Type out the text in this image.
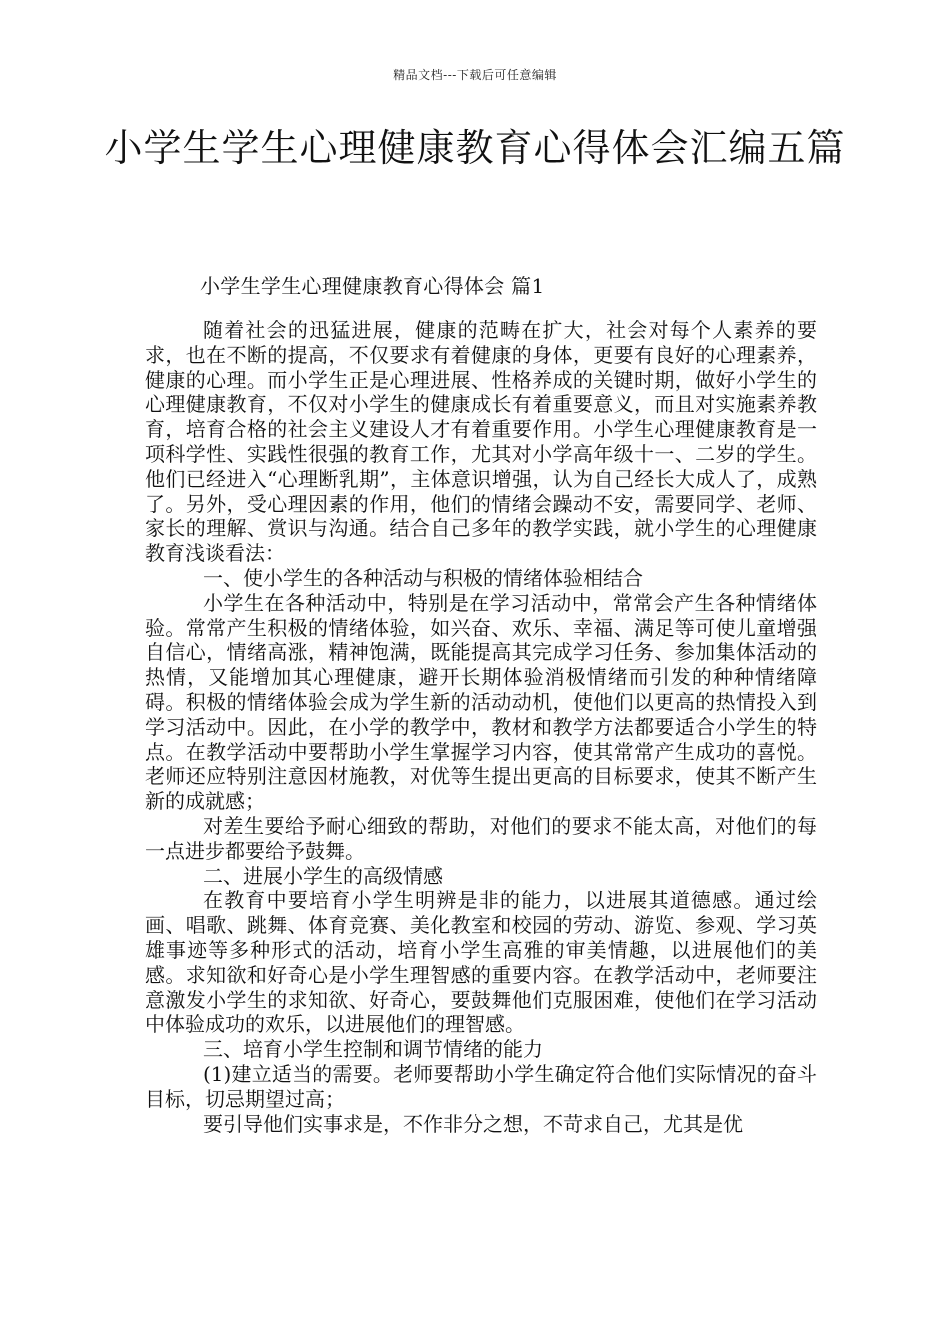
精品文档---下载后可任意编辑
小学生学生心理健康教育心得体会汇编五篇
小学生学生心理健康教育心得体会 篇1

随着社会的迅猛进展，健康的范畴在扩大，社会对每个人素养的要求，也在不断的提高，不仅要求有着健康的身体，更要有良好的心理素养，健康的心理。而小学生正是心理进展、性格养成的关键时期，做好小学生的心理健康教育，不仅对小学生的健康成长有着重要意义，而且对实施素养教育，培育合格的社会主义建设人才有着重要作用。小学生心理健康教育是一项科学性、实践性很强的教育工作，尤其对小学高年级十一、二岁的学生。他们已经进入“心理断乳期”，主体意识增强，认为自己经长大成人了，成熟了。另外，受心理因素的作用，他们的情绪会躁动不安，需要同学、老师、家长的理解、赏识与沟通。结合自己多年的教学实践，就小学生的心理健康教育浅谈看法：

一、使小学生的各种活动与积极的情绪体验相结合

小学生在各种活动中，特别是在学习活动中，常常会产生各种情绪体验。常常产生积极的情绪体验，如兴奋、欢乐、幸福、满足等可使儿童增强自信心，情绪高涨，精神饱满，既能提高其完成学习任务、参加集体活动的热情，又能增加其心理健康，避开长期体验消极情绪而引发的种种情绪障碍。积极的情绪体验会成为学生新的活动动机，使他们以更高的热情投入到学习活动中。因此，在小学的教学中，教材和教学方法都要适合小学生的特点。在教学活动中要帮助小学生掌握学习内容，使其常常产生成功的喜悦。老师还应特别注意因材施教，对优等生提出更高的目标要求，使其不断产生新的成就感；

对差生要给予耐心细致的帮助，对他们的要求不能太高，对他们的每一点进步都要给予鼓舞。

二、进展小学生的高级情感

在教育中要培育小学生明辨是非的能力，以进展其道德感。通过绘画、唱歌、跳舞、体育竞赛、美化教室和校园的劳动、游览、参观、学习英雄事迹等多种形式的活动，培育小学生高雅的审美情趣，以进展他们的美感。求知欲和好奇心是小学生理智感的重要内容。在教学活动中，老师要注意激发小学生的求知欲、好奇心，要鼓舞他们克服困难，使他们在学习活动中体验成功的欢乐，以进展他们的理智感。

三、培育小学生控制和调节情绪的能力

(1)建立适当的需要。老师要帮助小学生确定符合他们实际情况的奋斗目标，切忌期望过高；

要引导他们实事求是，不作非分之想，不苛求自己，尤其是优
